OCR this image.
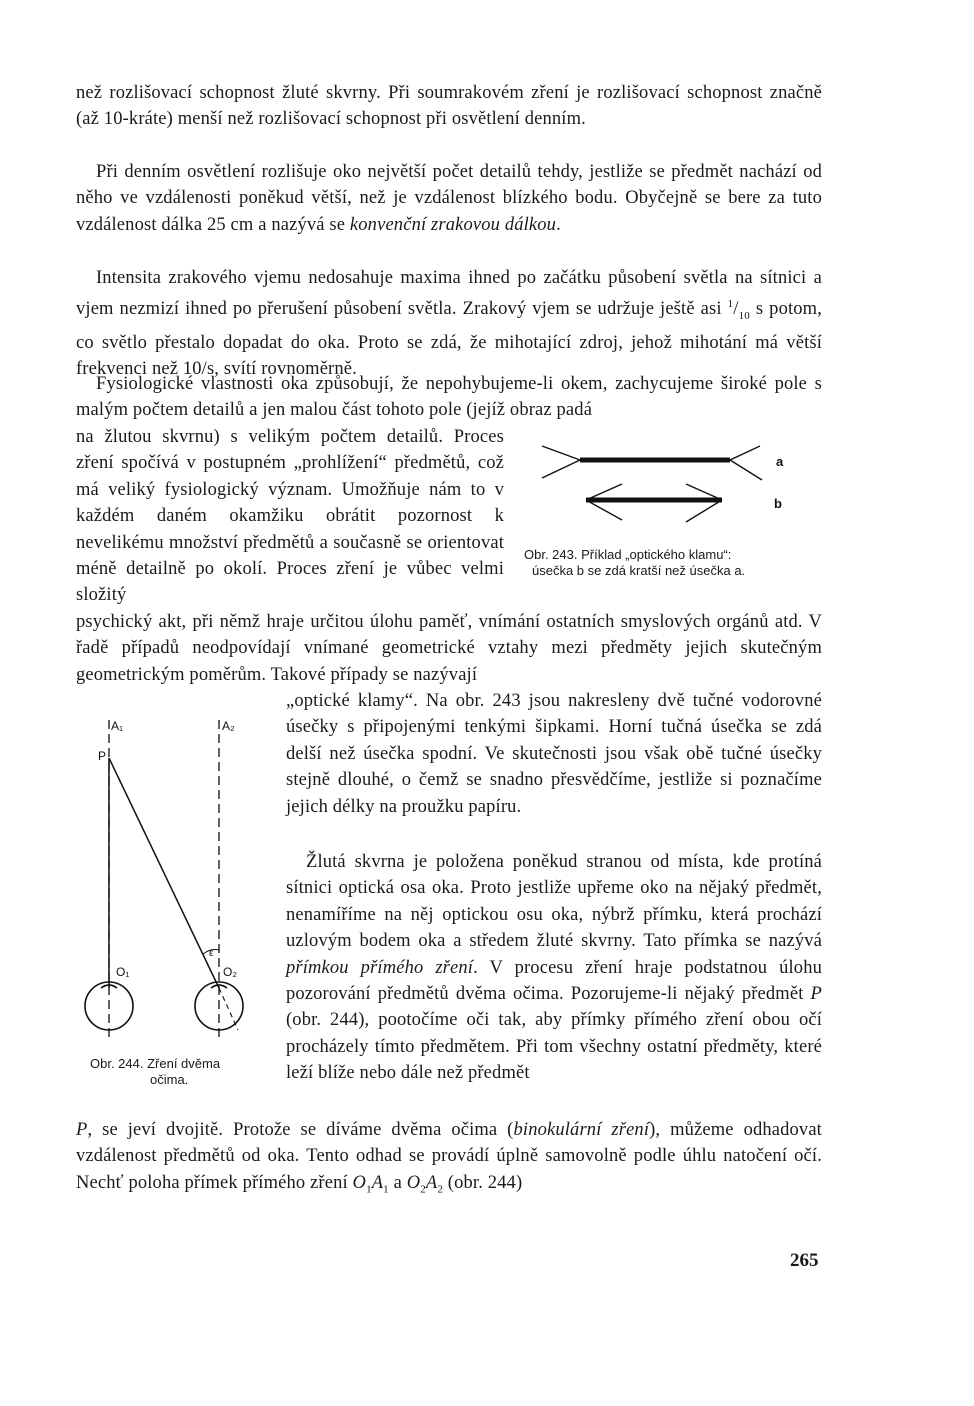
než rozlišovací schopnost žluté skvrny. Při soumrakovém zření je rozlišovací schopnost značně (až 10-kráte) menší než rozlišovací schopnost při osvětlení denním.

Při denním osvětlení rozlišuje oko největší počet detailů tehdy, jestliže se předmět nachází od něho ve vzdálenosti poněkud větší, než je vzdálenost blízkého bodu. Obyčejně se bere za tuto vzdálenost dálka 25 cm a nazývá se konvenční zrakovou dálkou.

Intensita zrakového vjemu nedosahuje maxima ihned po začátku působení světla na sítnici a vjem nezmizí ihned po přerušení působení světla. Zrakový vjem se udržuje ještě asi $^1/_{10}$ s potom, co světlo přestalo dopadat do oka. Proto se zdá, že mihotající zdroj, jehož mihotání má větší frekvenci než 10/s, svítí rovnoměrně.

Fysiologické vlastnosti oka způsobují, že nepohybujeme-li okem, zachycujeme široké pole s malým počtem detailů a jen malou část tohoto pole (jejíž obraz padá

na žlutou skvrnu) s velikým počtem detailů. Proces zření spočívá v postupném „prohlížení“ předmětů, což má veliký fysiologický význam. Umožňuje nám to v každém daném okamžiku obrátit pozornost k nevelikému množství předmětů a současně se orientovat méně detailně po okolí. Proces zření je vůbec velmi složitý

a
b
Obr. 243. Příklad „optického klamu“:
úsečka b se zdá kratší než úsečka a.

psychický akt, při němž hraje určitou úlohu paměť, vnímání ostatních smyslových orgánů atd. V řadě případů neodpovídají vnímané geometrické vztahy mezi předměty jejich skutečným geometrickým poměrům. Takové případy se nazývají

A₁	A₂
P
ε
O₁	O₂
Obr. 244. Zření dvěma
očima.

„optické klamy“. Na obr. 243 jsou nakresleny dvě tučné vodorovné úsečky s připojenými tenkými šipkami. Horní tučná úsečka se zdá delší než úsečka spodní. Ve skutečnosti jsou však obě tučné úsečky stejně dlouhé, o čemž se snadno přesvědčíme, jestliže si poznačíme jejich délky na proužku papíru.

Žlutá skvrna je položena poněkud stranou od místa, kde protíná sítnici optická osa oka. Proto jestliže upřeme oko na nějaký předmět, nenamíříme na něj optickou osu oka, nýbrž přímku, která prochází uzlovým bodem oka a středem žluté skvrny. Tato přímka se nazývá přímkou přímého zření. V procesu zření hraje podstatnou úlohu pozorování předmětů dvěma očima. Pozorujeme-li nějaký předmět P (obr. 244), pootočíme oči tak, aby přímky přímého zření obou očí procházely tímto předmětem. Při tom všechny ostatní předměty, které leží blíže nebo dále než předmět

P, se jeví dvojitě. Protože se díváme dvěma očima (binokulární zření), můžeme odhadovat vzdálenost předmětů od oka. Tento odhad se provádí úplně samovolně podle úhlu natočení očí. Nechť poloha přímek přímého zření $O_1A_1$ a $O_2A_2$ (obr. 244)

265
